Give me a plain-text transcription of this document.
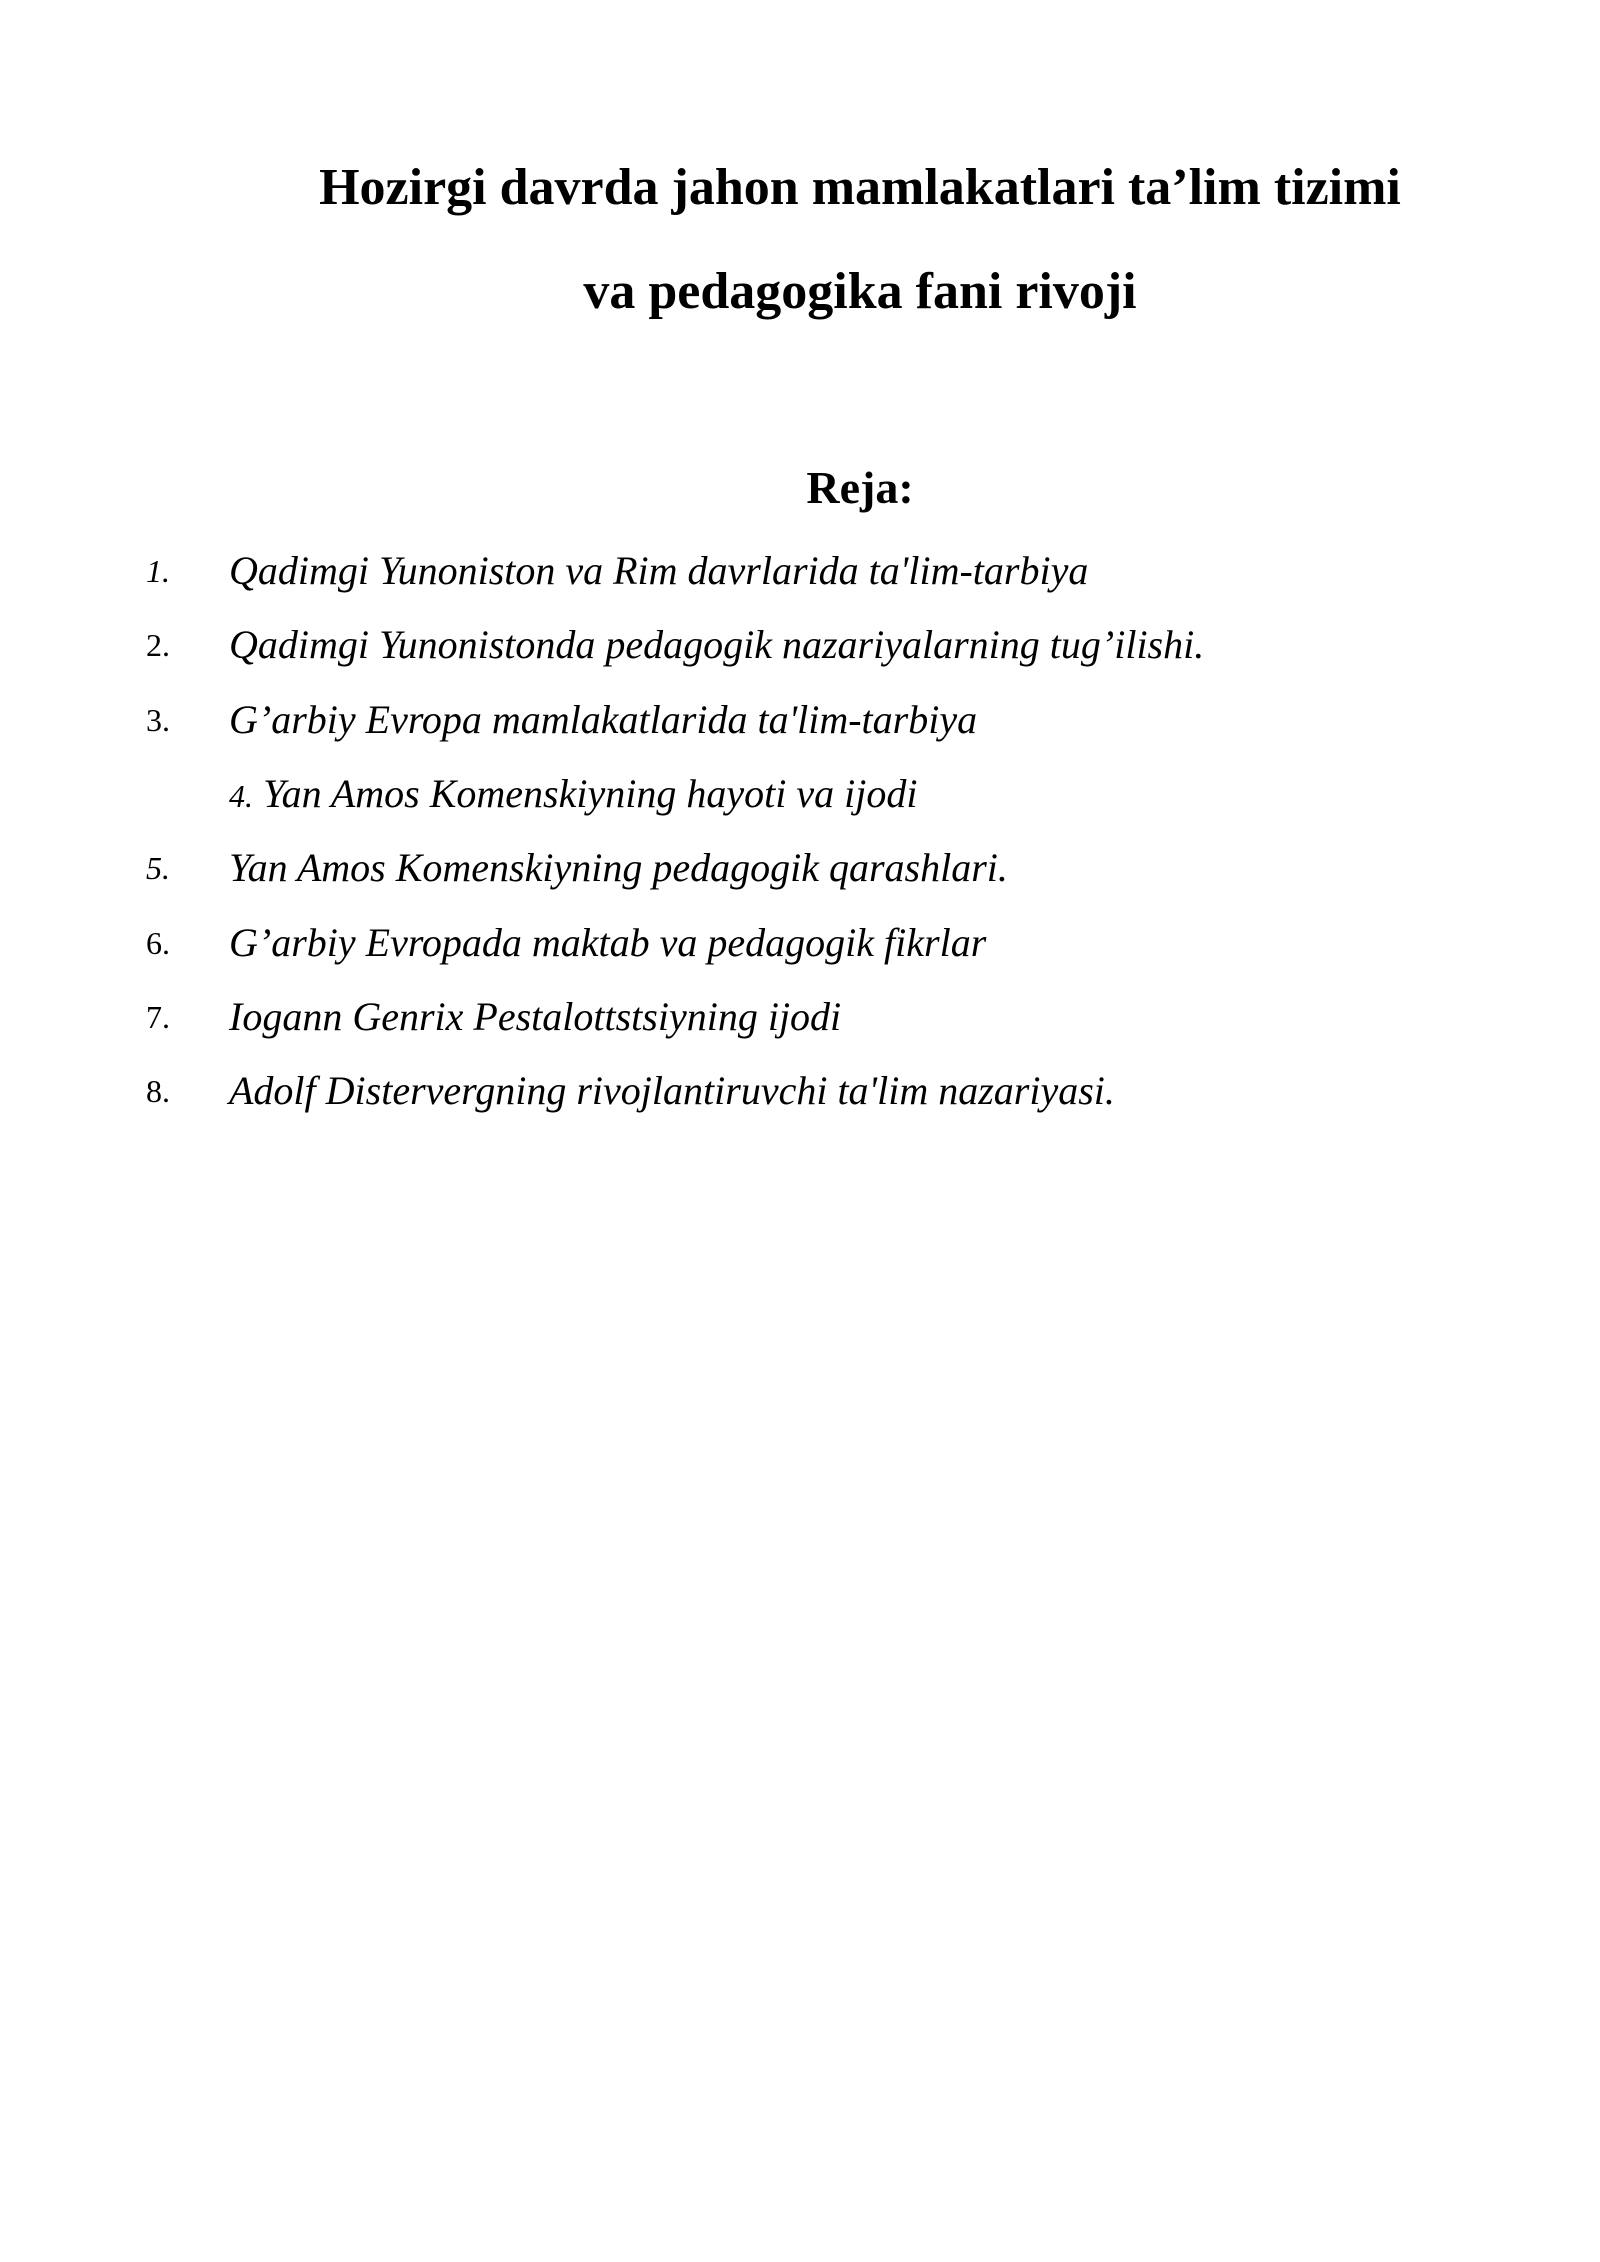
Hozirgi davrda jahon mamlakatlari ta’lim tizimi
va pedagogika fani rivoji
Reja:
1. Qadimgi Yunoniston va Rim davrlarida ta'lim-tarbiya
2. Qadimgi Yunonistonda pedagogik nazariyalarning tug’ilishi.
3. G’arbiy Evropa mamlakatlarida ta'lim-tarbiya
4. Yan Amos Komenskiyning hayoti va ijodi
5. Yan Amos Komenskiyning pedagogik qarashlari.
6. G’arbiy Evropada maktab va pedagogik fikrlar
7. Iogann Genrix Pestalottstsiyning ijodi
8. Adolf Distervergning rivojlantiruvchi ta'lim nazariyasi.
